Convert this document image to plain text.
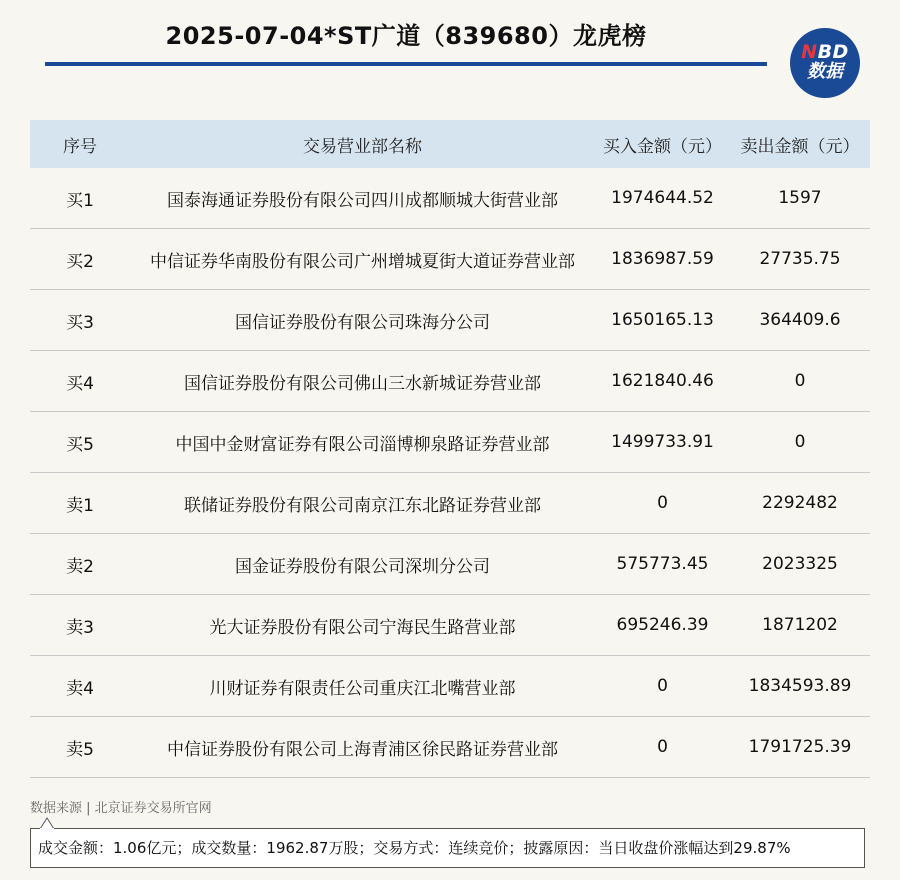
2025-07-04*ST广道（839680）龙虎榜
NBD
数据
序号	交易营业部名称	买入金额（元）	卖出金额（元）
买1	国泰海通证券股份有限公司四川成都顺城大街营业部	1974644.52	1597
买2	中信证券华南股份有限公司广州增城夏街大道证券营业部	1836987.59	27735.75
买3	国信证券股份有限公司珠海分公司	1650165.13	364409.6
买4	国信证券股份有限公司佛山三水新城证券营业部	1621840.46	0
买5	中国中金财富证券有限公司淄博柳泉路证券营业部	1499733.91	0
卖1	联储证券股份有限公司南京江东北路证券营业部	0	2292482
卖2	国金证券股份有限公司深圳分公司	575773.45	2023325
卖3	光大证券股份有限公司宁海民生路营业部	695246.39	1871202
卖4	川财证券有限责任公司重庆江北嘴营业部	0	1834593.89
卖5	中信证券股份有限公司上海青浦区徐民路证券营业部	0	1791725.39
数据来源 | 北京证券交易所官网
成交金额：1.06亿元；成交数量：1962.87万股；交易方式：连续竞价；披露原因：当日收盘价涨幅达到29.87%
